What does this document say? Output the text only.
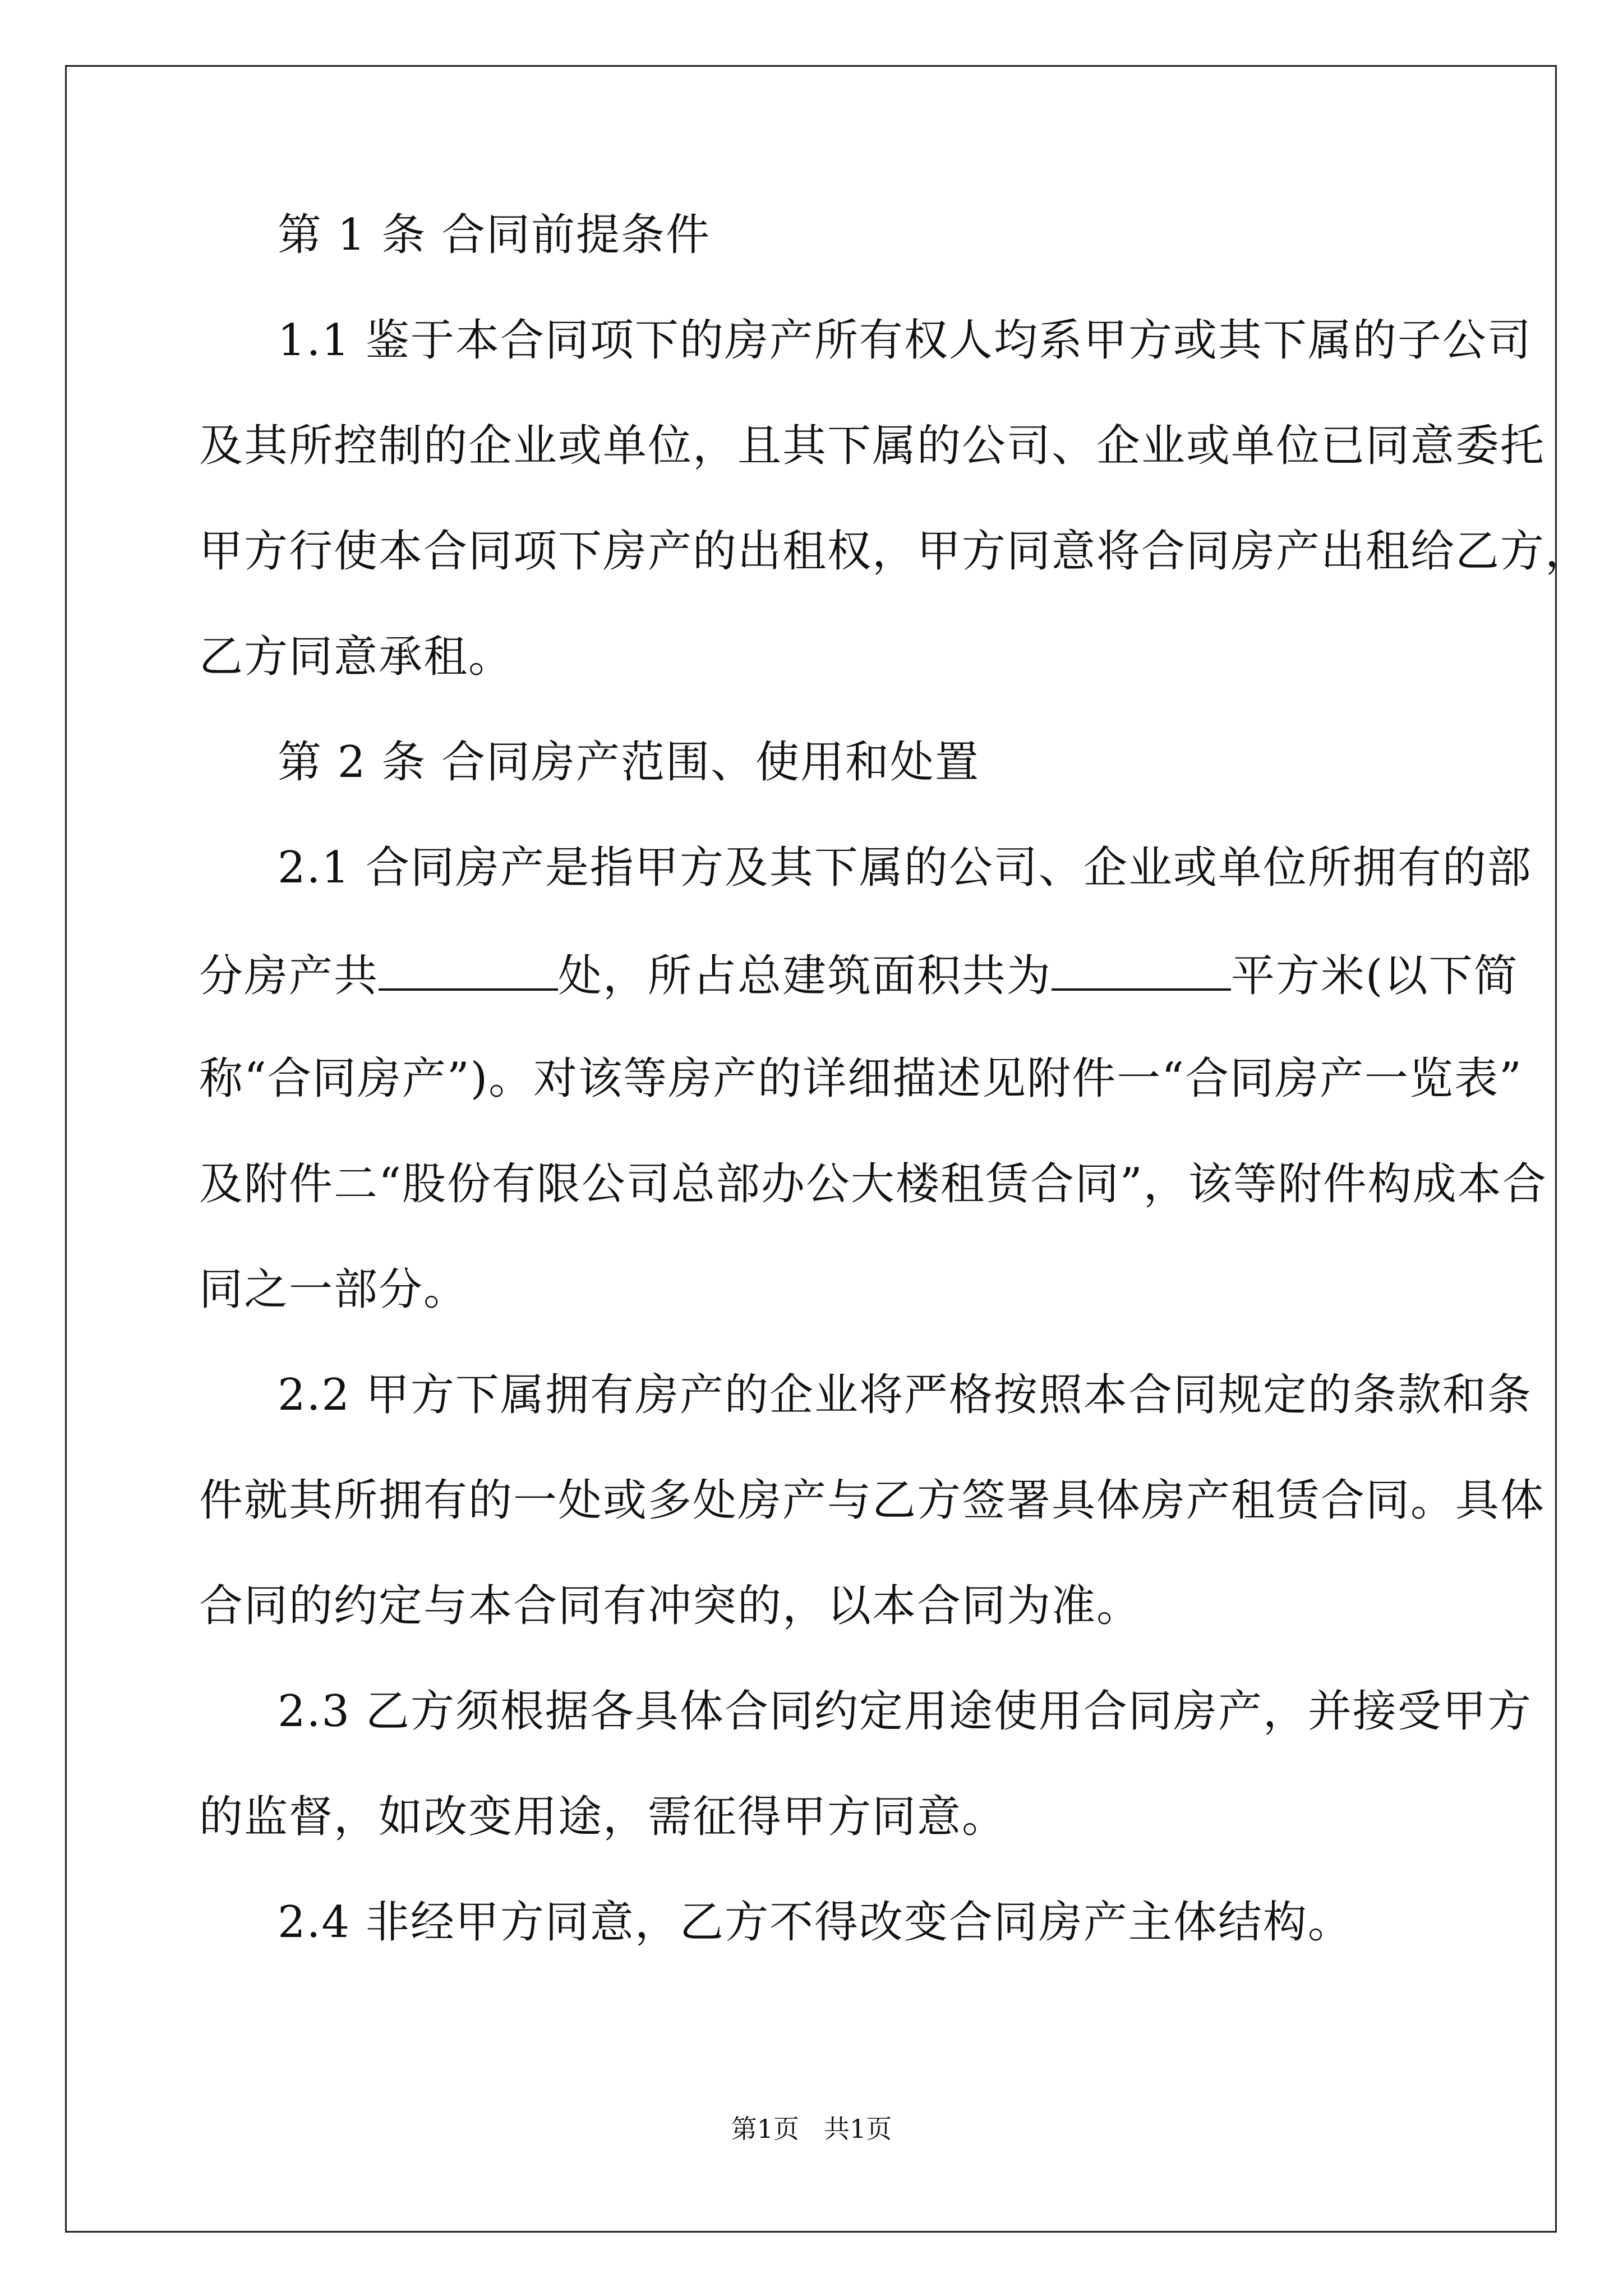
第 1 条 合同前提条件
1.1 鉴于本合同项下的房产所有权人均系甲方或其下属的子公司
及其所控制的企业或单位，且其下属的公司、企业或单位已同意委托
甲方行使本合同项下房产的出租权，甲方同意将合同房产出租给乙方，
乙方同意承租。
第 2 条 合同房产范围、使用和处置
2.1 合同房产是指甲方及其下属的公司、企业或单位所拥有的部
分房产共	处，所占总建筑面积共为	平方米(以下简
称“合同房产”)。对该等房产的详细描述见附件一“合同房产一览表”
及附件二“股份有限公司总部办公大楼租赁合同”，该等附件构成本合
同之一部分。
2.2 甲方下属拥有房产的企业将严格按照本合同规定的条款和条
件就其所拥有的一处或多处房产与乙方签署具体房产租赁合同。具体
合同的约定与本合同有冲突的，以本合同为准。
2.3 乙方须根据各具体合同约定用途使用合同房产，并接受甲方
的监督，如改变用途，需征得甲方同意。
2.4 非经甲方同意，乙方不得改变合同房产主体结构。
第1页 共1页
